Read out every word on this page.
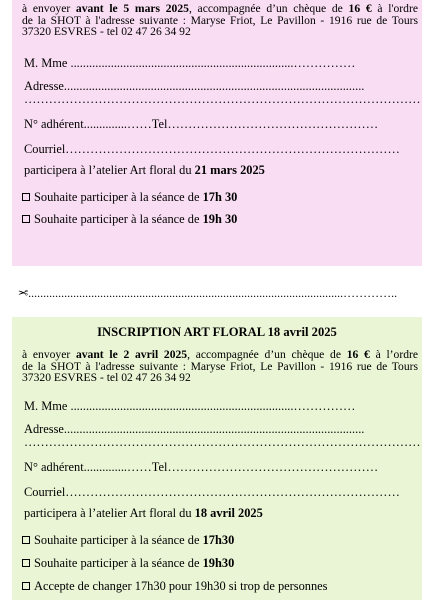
à envoyer avant le 5 mars 2025, accompagnée d’un chèque de 16 € à l'ordre
de la SHOT à l'adresse suivante : Maryse Friot, Le Pavillon - 1916 rue de Tours
37320 ESVRES - tel 02 47 26 34 92
M. Mme ........................................................................……………
Adresse.................................................................................................
……………………………………………………………………………………
N° adhérent..............……Tel……………………………………………
Courriel………………………………………………………………………
participera à l’atelier Art floral du 21 mars 2025
Souhaite participer à la séance de
17h 30
Souhaite participer à la séance de
19h 30
✂.........................................................................................................…………..
INSCRIPTION ART FLORAL 18 avril 2025
à envoyer avant le 2 avril 2025, accompagnée d’un chèque de 16 € à l’ordre
de la SHOT à l'adresse suivante : Maryse Friot, Le Pavillon - 1916 rue de Tours
37320 ESVRES - tel 02 47 26 34 92
M. Mme ........................................................................……………
Adresse.................................................................................................
……………………………………………………………………………………
N° adhérent..............……Tel……………………………………………
Courriel………………………………………………………………………
participera à l’atelier Art floral du 18 avril 2025
Souhaite participer à la séance de
17h30
Souhaite participer à la séance de
19h30
Accepte de changer 17h30 pour 19h30 si trop de personnes
